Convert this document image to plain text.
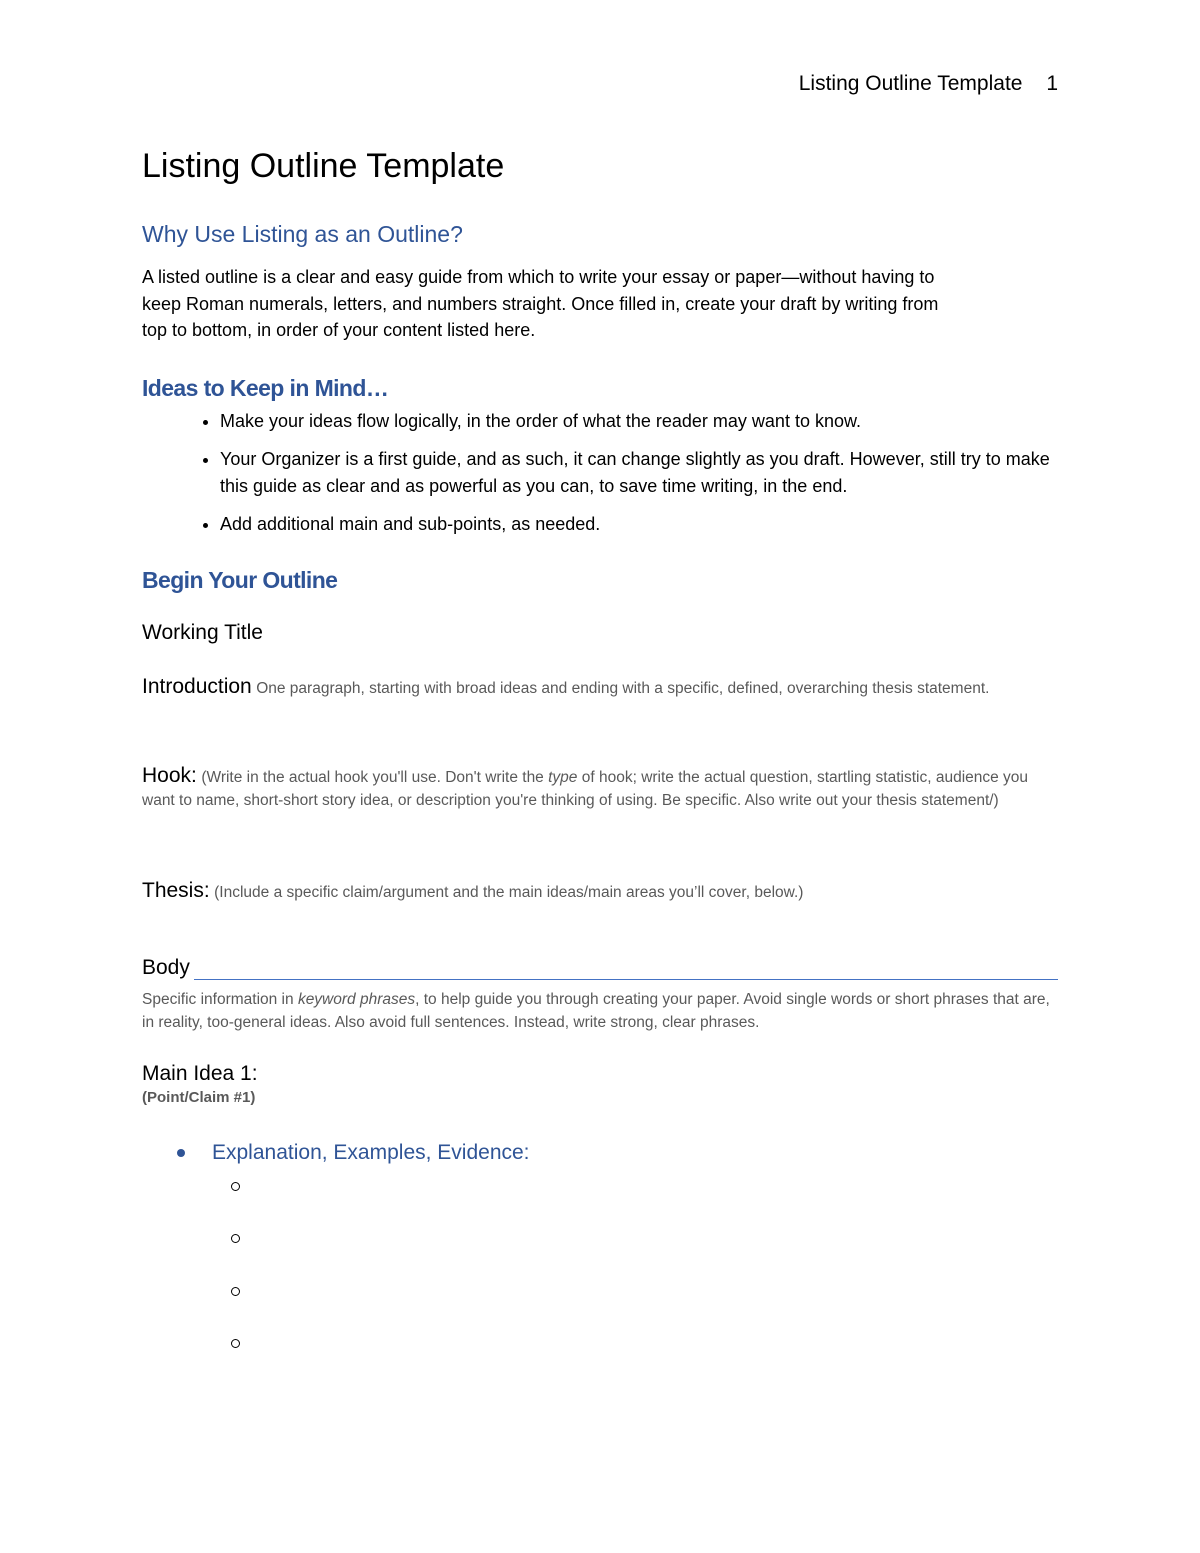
Listing Outline Template 1
Listing Outline Template
Why Use Listing as an Outline?

A listed outline is a clear and easy guide from which to write your essay or paper—without having to
keep Roman numerals, letters, and numbers straight. Once filled in, create your draft by writing from
top to bottom, in order of your content listed here.

Ideas to Keep in Mind…
• Make your ideas flow logically, in the order of what the reader may want to know.
• Your Organizer is a first guide, and as such, it can change slightly as you draft. However, still try to make this guide as clear and as powerful as you can, to save time writing, in the end.
• Add additional main and sub-points, as needed.
Begin Your Outline

Working Title

Introduction One paragraph, starting with broad ideas and ending with a specific, defined, overarching thesis statement.

Hook: (Write in the actual hook you'll use. Don't write the type of hook; write the actual question, startling statistic, audience you want to name, short-short story idea, or description you're thinking of using. Be specific. Also write out your thesis statement/)

Thesis: (Include a specific claim/argument and the main ideas/main areas you’ll cover, below.)

Body

Specific information in keyword phrases, to help guide you through creating your paper. Avoid single words or short phrases that are, in reality, too-general ideas. Also avoid full sentences. Instead, write strong, clear phrases.

Main Idea 1:

(Point/Claim #1)

Explanation, Examples, Evidence:
